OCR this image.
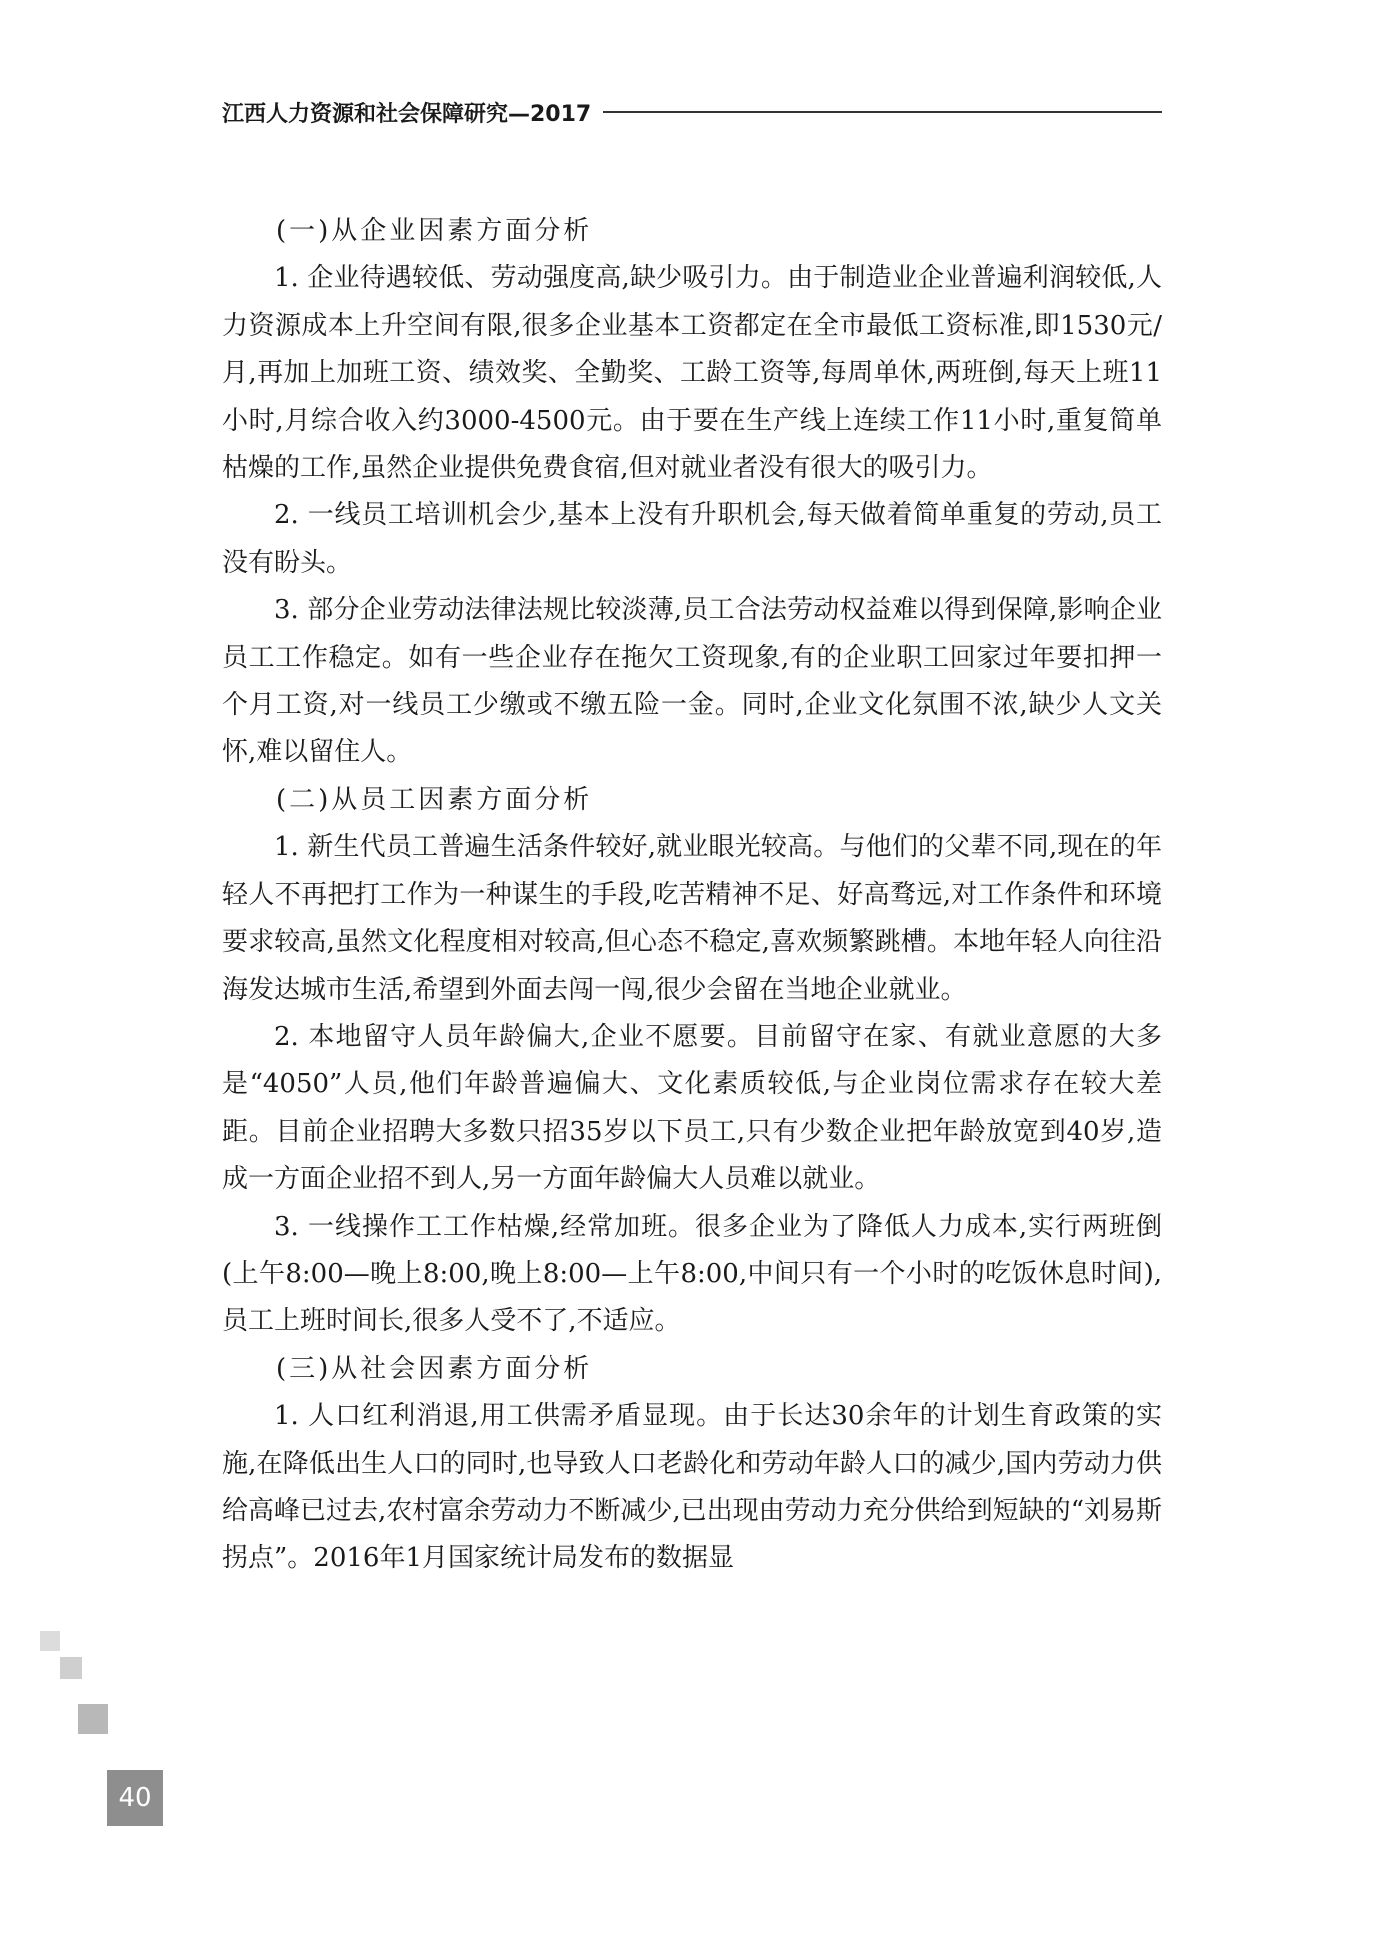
江西人力资源和社会保障研究—2017

(一)从企业因素方面分析

1. 企业待遇较低、劳动强度高,缺少吸引力。由于制造业企业普遍利润较低,人力资源成本上升空间有限,很多企业基本工资都定在全市最低工资标准,即1530元/月,再加上加班工资、绩效奖、全勤奖、工龄工资等,每周单休,两班倒,每天上班11小时,月综合收入约3000-4500元。由于要在生产线上连续工作11小时,重复简单枯燥的工作,虽然企业提供免费食宿,但对就业者没有很大的吸引力。

2. 一线员工培训机会少,基本上没有升职机会,每天做着简单重复的劳动,员工没有盼头。

3. 部分企业劳动法律法规比较淡薄,员工合法劳动权益难以得到保障,影响企业员工工作稳定。如有一些企业存在拖欠工资现象,有的企业职工回家过年要扣押一个月工资,对一线员工少缴或不缴五险一金。同时,企业文化氛围不浓,缺少人文关怀,难以留住人。

(二)从员工因素方面分析

1. 新生代员工普遍生活条件较好,就业眼光较高。与他们的父辈不同,现在的年轻人不再把打工作为一种谋生的手段,吃苦精神不足、好高骛远,对工作条件和环境要求较高,虽然文化程度相对较高,但心态不稳定,喜欢频繁跳槽。本地年轻人向往沿海发达城市生活,希望到外面去闯一闯,很少会留在当地企业就业。

2. 本地留守人员年龄偏大,企业不愿要。目前留守在家、有就业意愿的大多是“4050”人员,他们年龄普遍偏大、文化素质较低,与企业岗位需求存在较大差距。目前企业招聘大多数只招35岁以下员工,只有少数企业把年龄放宽到40岁,造成一方面企业招不到人,另一方面年龄偏大人员难以就业。

3. 一线操作工工作枯燥,经常加班。很多企业为了降低人力成本,实行两班倒(上午8:00—晚上8:00,晚上8:00—上午8:00,中间只有一个小时的吃饭休息时间),员工上班时间长,很多人受不了,不适应。

(三)从社会因素方面分析

1. 人口红利消退,用工供需矛盾显现。由于长达30余年的计划生育政策的实施,在降低出生人口的同时,也导致人口老龄化和劳动年龄人口的减少,国内劳动力供给高峰已过去,农村富余劳动力不断减少,已出现由劳动力充分供给到短缺的“刘易斯拐点”。2016年1月国家统计局发布的数据显

40
